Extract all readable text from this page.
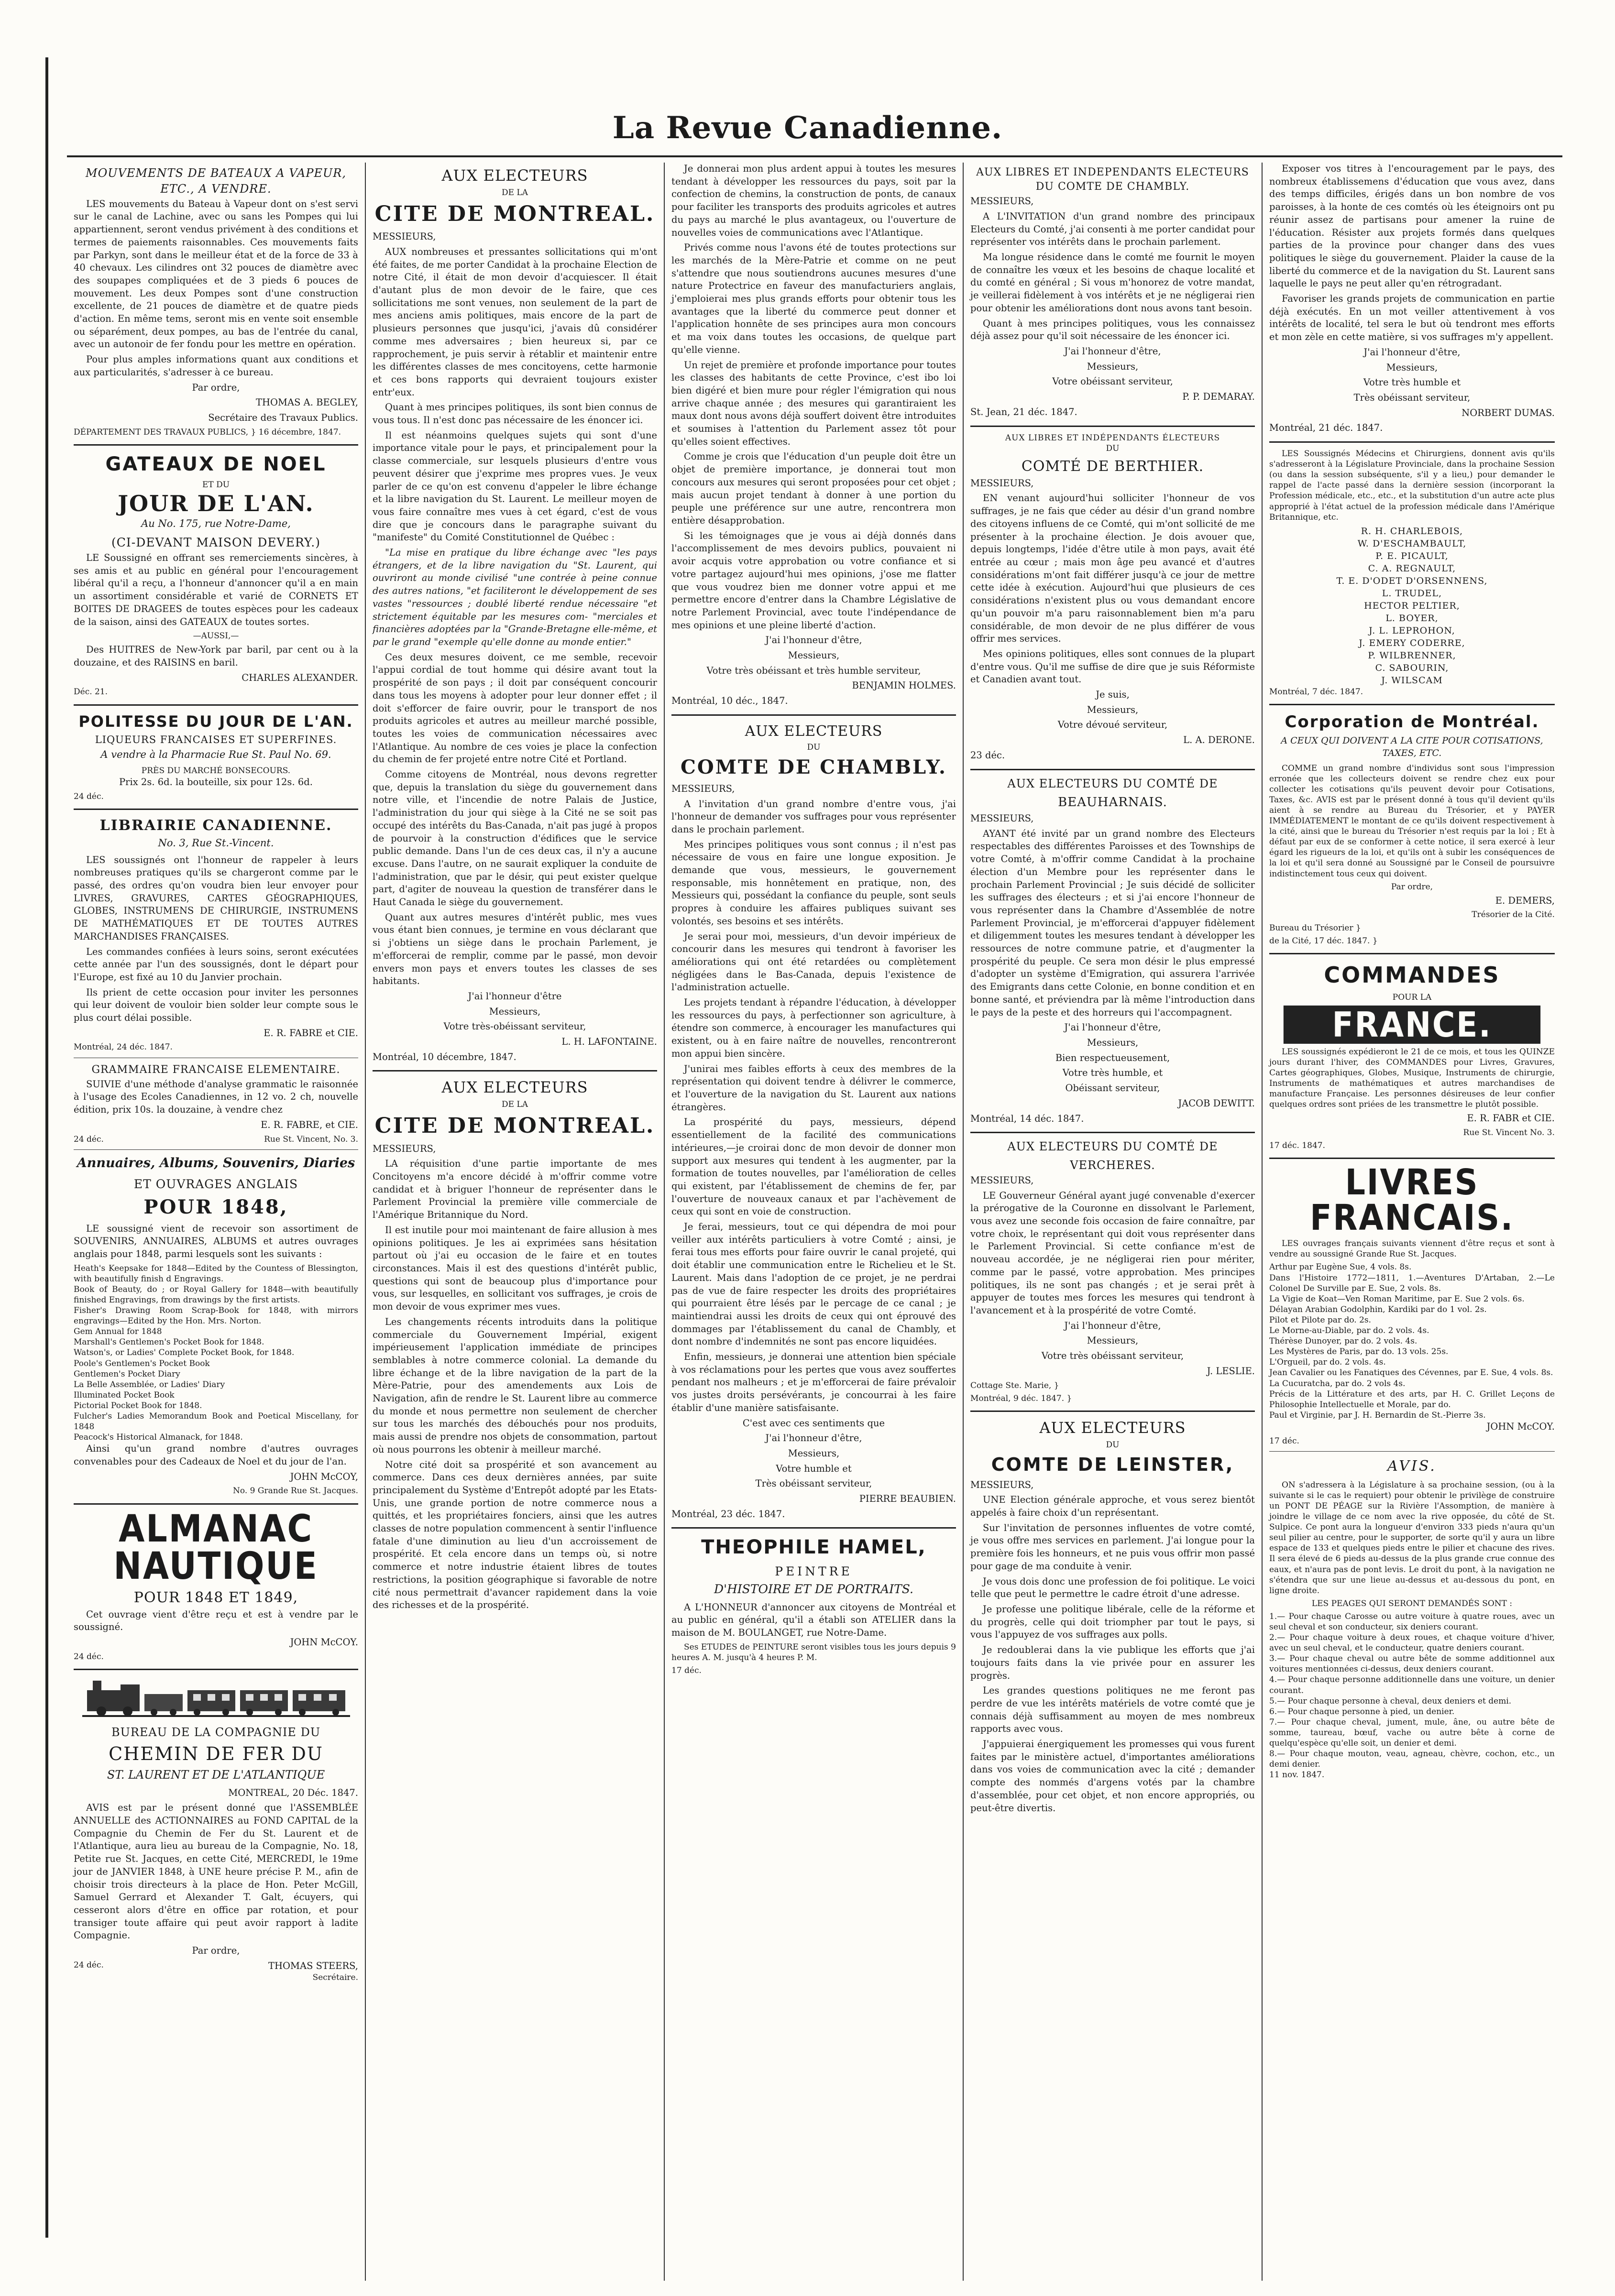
La Revue Canadienne.
MOUVEMENTS DE BATEAUX A VAPEUR, ETC., A VENDRE.

LES mouvements du Bateau à Vapeur dont on s'est servi sur le canal de Lachine, avec ou sans les Pompes qui lui appartiennent, seront vendus privément à des conditions et termes de paiements raisonnables. Ces mouvements faits par Parkyn, sont dans le meilleur état et de la force de 33 à 40 chevaux. Les cilindres ont 32 pouces de diamètre avec des soupapes compliquées et de 3 pieds 6 pouces de mouvement. Les deux Pompes sont d'une construction excellente, de 21 pouces de diamètre et de quatre pieds d'action. En même tems, seront mis en vente soit ensemble ou séparément, deux pompes, au bas de l'entrée du canal, avec un autonoir de fer fondu pour les mettre en opération.

Pour plus amples informations quant aux conditions et aux particularités, s'adresser à ce bureau.

Par ordre,

THOMAS A. BEGLEY,

Secrétaire des Travaux Publics.

DÉPARTEMENT DES TRAVAUX PUBLICS, } 16 décembre, 1847.

GATEAUX DE NOEL
ET DU
JOUR DE L'AN.
Au No. 175, rue Notre-Dame,
(CI-DEVANT MAISON DEVERY.)

LE Soussigné en offrant ses remerciements sincères, à ses amis et au public en général pour l'encouragement libéral qu'il a reçu, a l'honneur d'annoncer qu'il a en main un assortiment considérable et varié de CORNETS ET BOITES DE DRAGEES de toutes espèces pour les cadeaux de la saison, ainsi des GATEAUX de toutes sortes.

—AUSSI,—

Des HUITRES de New-York par baril, par cent ou à la douzaine, et des RAISINS en baril.

CHARLES ALEXANDER.

Déc. 21.

POLITESSE DU JOUR DE L'AN.
LIQUEURS FRANCAISES ET SUPERFINES.
A vendre à la Pharmacie Rue St. Paul No. 69.
PRÈS DU MARCHÉ BONSECOURS.

Prix 2s. 6d. la bouteille, six pour 12s. 6d.

24 déc.

LIBRAIRIE CANADIENNE.
No. 3, Rue St.-Vincent.

LES soussignés ont l'honneur de rappeler à leurs nombreuses pratiques qu'ils se chargeront comme par le passé, des ordres qu'on voudra bien leur envoyer pour LIVRES, GRAVURES, CARTES GÉOGRAPHIQUES, GLOBES, INSTRUMENS DE CHIRURGIE, INSTRUMENS DE MATHÉMATIQUES ET DE TOUTES AUTRES MARCHANDISES FRANÇAISES.

Les commandes confiées à leurs soins, seront exécutées cette année par l'un des soussignés, dont le départ pour l'Europe, est fixé au 10 du Janvier prochain.

Ils prient de cette occasion pour inviter les personnes qui leur doivent de vouloir bien solder leur compte sous le plus court délai possible.

E. R. FABRE et CIE.

Montréal, 24 déc. 1847.

GRAMMAIRE FRANCAISE ELEMENTAIRE.

SUIVIE d'une méthode d'analyse grammatic le raisonnée à l'usage des Ecoles Canadiennes, in 12 vo. 2 ch, nouvelle édition, prix 10s. la douzaine, à vendre chez

E. R. FABRE, et CIE.

24 déc.	Rue St. Vincent, No. 3.
Annuaires, Albums, Souvenirs, Diaries
ET OUVRAGES ANGLAIS
POUR 1848,

LE soussigné vient de recevoir son assortiment de SOUVENIRS, ANNUAIRES, ALBUMS et autres ouvrages anglais pour 1848, parmi lesquels sont les suivants :

Heath's Keepsake for 1848—Edited by the Countess of Blessington, with beautifully finish d Engravings.
Book of Beauty, do ; or Royal Gallery for 1848—with beautifully finished Engravings, from drawings by the first artists.
Fisher's Drawing Room Scrap-Book for 1848, with mirrors engravings—Edited by the Hon. Mrs. Norton.
Gem Annual for 1848
Marshall's Gentlemen's Pocket Book for 1848.
Watson's, or Ladies' Complete Pocket Book, for 1848.
Poole's Gentlemen's Pocket Book
Gentlemen's Pocket Diary
La Belle Assemblée, or Ladies' Diary
Illuminated Pocket Book
Pictorial Pocket Book for 1848.
Fulcher's Ladies Memorandum Book and Poetical Miscellany, for 1848
Peacock's Historical Almanack, for 1848.

Ainsi qu'un grand nombre d'autres ouvrages convenables pour des Cadeaux de Noel et du jour de l'an.

JOHN McCOY,

No. 9 Grande Rue St. Jacques.

ALMANAC NAUTIQUE
POUR 1848 ET 1849,

Cet ouvrage vient d'être reçu et est à vendre par le soussigné.

JOHN McCOY.

24 déc.

BUREAU DE LA COMPAGNIE DU
CHEMIN DE FER DU
ST. LAURENT ET DE L'ATLANTIQUE

MONTREAL, 20 Déc. 1847.

AVIS est par le présent donné que l'ASSEMBLÉE ANNUELLE des ACTIONNAIRES au FOND CAPITAL de la Compagnie du Chemin de Fer du St. Laurent et de l'Atlantique, aura lieu au bureau de la Compagnie, No. 18, Petite rue St. Jacques, en cette Cité, MERCREDI, le 19me jour de JANVIER 1848, à UNE heure précise P. M., afin de choisir trois directeurs à la place de Hon. Peter McGill, Samuel Gerrard et Alexander T. Galt, écuyers, qui cesseront alors d'être en office par rotation, et pour transiger toute affaire qui peut avoir rapport à ladite Compagnie.

Par ordre,

24 déc.	THOMAS STEERS,

Secrétaire.

AUX ELECTEURS
DE LA
CITE DE MONTREAL.

MESSIEURS,

AUX nombreuses et pressantes sollicitations qui m'ont été faites, de me porter Candidat à la prochaine Election de notre Cité, il était de mon devoir d'acquiescer. Il était d'autant plus de mon devoir de le faire, que ces sollicitations me sont venues, non seulement de la part de mes anciens amis politiques, mais encore de la part de plusieurs personnes que jusqu'ici, j'avais dû considérer comme mes adversaires ; bien heureux si, par ce rapprochement, je puis servir à rétablir et maintenir entre les différentes classes de mes concitoyens, cette harmonie et ces bons rapports qui devraient toujours exister entr'eux.

Quant à mes principes politiques, ils sont bien connus de vous tous. Il n'est donc pas nécessaire de les énoncer ici.

Il est néanmoins quelques sujets qui sont d'une importance vitale pour le pays, et principalement pour la classe commerciale, sur lesquels plusieurs d'entre vous peuvent désirer que j'exprime mes propres vues. Je veux parler de ce qu'on est convenu d'appeler le libre échange et la libre navigation du St. Laurent. Le meilleur moyen de vous faire connaître mes vues à cet égard, c'est de vous dire que je concours dans le paragraphe suivant du "manifeste" du Comité Constitutionnel de Québec :

"La mise en pratique du libre échange avec "les pays étrangers, et de la libre navigation du "St. Laurent, qui ouvriront au monde civilisé "une contrée à peine connue des autres nations, "et faciliteront le développement de ses vastes "ressources ; doublé liberté rendue nécessaire "et strictement équitable par les mesures com- "merciales et financières adoptées par la "Grande-Bretagne elle-même, et par le grand "exemple qu'elle donne au monde entier."

Ces deux mesures doivent, ce me semble, recevoir l'appui cordial de tout homme qui désire avant tout la prospérité de son pays ; il doit par conséquent concourir dans tous les moyens à adopter pour leur donner effet ; il doit s'efforcer de faire ouvrir, pour le transport de nos produits agricoles et autres au meilleur marché possible, toutes les voies de communication nécessaires avec l'Atlantique. Au nombre de ces voies je place la confection du chemin de fer projeté entre notre Cité et Portland.

Comme citoyens de Montréal, nous devons regretter que, depuis la translation du siège du gouvernement dans notre ville, et l'incendie de notre Palais de Justice, l'administration du jour qui siège à la Cité ne se soit pas occupé des intérêts du Bas-Canada, n'ait pas jugé à propos de pourvoir à la construction d'édifices que le service public demande. Dans l'un de ces deux cas, il n'y a aucune excuse. Dans l'autre, on ne saurait expliquer la conduite de l'administration, que par le désir, qui peut exister quelque part, d'agiter de nouveau la question de transférer dans le Haut Canada le siège du gouvernement.

Quant aux autres mesures d'intérêt public, mes vues vous étant bien connues, je termine en vous déclarant que si j'obtiens un siège dans le prochain Parlement, je m'efforcerai de remplir, comme par le passé, mon devoir envers mon pays et envers toutes les classes de ses habitants.

J'ai l'honneur d'être

Messieurs,

Votre très-obéissant serviteur,

L. H. LAFONTAINE.

Montréal, 10 décembre, 1847.

AUX ELECTEURS
DE LA
CITE DE MONTREAL.

MESSIEURS,

LA réquisition d'une partie importante de mes Concitoyens m'a encore décidé à m'offrir comme votre candidat et à briguer l'honneur de représenter dans le Parlement Provincial la première ville commerciale de l'Amérique Britannique du Nord.

Il est inutile pour moi maintenant de faire allusion à mes opinions politiques. Je les ai exprimées sans hésitation partout où j'ai eu occasion de le faire et en toutes circonstances. Mais il est des questions d'intérêt public, questions qui sont de beaucoup plus d'importance pour vous, sur lesquelles, en sollicitant vos suffrages, je crois de mon devoir de vous exprimer mes vues.

Les changements récents introduits dans la politique commerciale du Gouvernement Impérial, exigent impérieusement l'application immédiate de principes semblables à notre commerce colonial. La demande du libre échange et de la libre navigation de la part de la Mère-Patrie, pour des amendements aux Lois de Navigation, afin de rendre le St. Laurent libre au commerce du monde et nous permettre non seulement de chercher sur tous les marchés des débouchés pour nos produits, mais aussi de prendre nos objets de consommation, partout où nous pourrons les obtenir à meilleur marché.

Notre cité doit sa prospérité et son avancement au commerce. Dans ces deux dernières années, par suite principalement du Système d'Entrepôt adopté par les Etats-Unis, une grande portion de notre commerce nous a quittés, et les propriétaires fonciers, ainsi que les autres classes de notre population commencent à sentir l'influence fatale d'une diminution au lieu d'un accroissement de prospérité. Et cela encore dans un temps où, si notre commerce et notre industrie étaient libres de toutes restrictions, la position géographique si favorable de notre cité nous permettrait d'avancer rapidement dans la voie des richesses et de la prospérité.

Je donnerai mon plus ardent appui à toutes les mesures tendant à développer les ressources du pays, soit par la confection de chemins, la construction de ponts, de canaux pour faciliter les transports des produits agricoles et autres du pays au marché le plus avantageux, ou l'ouverture de nouvelles voies de communications avec l'Atlantique.

Privés comme nous l'avons été de toutes protections sur les marchés de la Mère-Patrie et comme on ne peut s'attendre que nous soutiendrons aucunes mesures d'une nature Protectrice en faveur des manufacturiers anglais, j'emploierai mes plus grands efforts pour obtenir tous les avantages que la liberté du commerce peut donner et l'application honnête de ses principes aura mon concours et ma voix dans toutes les occasions, de quelque part qu'elle vienne.

Un rejet de première et profonde importance pour toutes les classes des habitants de cette Province, c'est ibo loi bien digéré et bien mure pour régler l'émigration qui nous arrive chaque année ; des mesures qui garantiraient les maux dont nous avons déjà souffert doivent être introduites et soumises à l'attention du Parlement assez tôt pour qu'elles soient effectives.

Comme je crois que l'éducation d'un peuple doit être un objet de première importance, je donnerai tout mon concours aux mesures qui seront proposées pour cet objet ; mais aucun projet tendant à donner à une portion du peuple une préférence sur une autre, rencontrera mon entière désapprobation.

Si les témoignages que je vous ai déjà donnés dans l'accomplissement de mes devoirs publics, pouvaient ni avoir acquis votre approbation ou votre confiance et si votre partagez aujourd'hui mes opinions, j'ose me flatter que vous voudrez bien me donner votre appui et me permettre encore d'entrer dans la Chambre Législative de notre Parlement Provincial, avec toute l'indépendance de mes opinions et une pleine liberté d'action.

J'ai l'honneur d'être,

Messieurs,

Votre très obéissant et très humble serviteur,

BENJAMIN HOLMES.

Montréal, 10 déc., 1847.

AUX ELECTEURS
DU
COMTE DE CHAMBLY.

MESSIEURS,

A l'invitation d'un grand nombre d'entre vous, j'ai l'honneur de demander vos suffrages pour vous représenter dans le prochain parlement.

Mes principes politiques vous sont connus ; il n'est pas nécessaire de vous en faire une longue exposition. Je demande que vous, messieurs, le gouvernement responsable, mis honnêtement en pratique, non, des Messieurs qui, possédant la confiance du peuple, sont seuls propres à conduire les affaires publiques suivant ses volontés, ses besoins et ses intérêts.

Je serai pour moi, messieurs, d'un devoir impérieux de concourir dans les mesures qui tendront à favoriser les améliorations qui ont été retardées ou complètement négligées dans le Bas-Canada, depuis l'existence de l'administration actuelle.

Les projets tendant à répandre l'éducation, à développer les ressources du pays, à perfectionner son agriculture, à étendre son commerce, à encourager les manufactures qui existent, ou à en faire naître de nouvelles, rencontreront mon appui bien sincère.

J'unirai mes faibles efforts à ceux des membres de la représentation qui doivent tendre à délivrer le commerce, et l'ouverture de la navigation du St. Laurent aux nations étrangères.

La prospérité du pays, messieurs, dépend essentiellement de la facilité des communications intérieures,—je croirai donc de mon devoir de donner mon support aux mesures qui tendent à les augmenter, par la formation de toutes nouvelles, par l'amélioration de celles qui existent, par l'établissement de chemins de fer, par l'ouverture de nouveaux canaux et par l'achèvement de ceux qui sont en voie de construction.

Je ferai, messieurs, tout ce qui dépendra de moi pour veiller aux intérêts particuliers à votre Comté ; ainsi, je ferai tous mes efforts pour faire ouvrir le canal projeté, qui doit établir une communication entre le Richelieu et le St. Laurent. Mais dans l'adoption de ce projet, je ne perdrai pas de vue de faire respecter les droits des propriétaires qui pourraient être lésés par le percage de ce canal ; je maintiendrai aussi les droits de ceux qui ont éprouvé des dommages par l'établissement du canal de Chambly, et dont nombre d'indemnités ne sont pas encore liquidées.

Enfin, messieurs, je donnerai une attention bien spéciale à vos réclamations pour les pertes que vous avez souffertes pendant nos malheurs ; et je m'efforcerai de faire prévaloir vos justes droits persévérants, je concourrai à les faire établir d'une manière satisfaisante.

C'est avec ces sentiments que

J'ai l'honneur d'être,

Messieurs,

Votre humble et

Très obéissant serviteur,

PIERRE BEAUBIEN.

Montréal, 23 déc. 1847.

THEOPHILE HAMEL,
PEINTRE
D'HISTOIRE ET DE PORTRAITS.

A L'HONNEUR d'annoncer aux citoyens de Montréal et au public en général, qu'il a établi son ATELIER dans la maison de M. BOULANGET, rue Notre-Dame.

Ses ETUDES de PEINTURE seront visibles tous les jours depuis 9 heures A. M. jusqu'à 4 heures P. M.

17 déc.

AUX LIBRES ET INDEPENDANTS ELECTEURS DU COMTE DE CHAMBLY.

MESSIEURS,

A L'INVITATION d'un grand nombre des principaux Electeurs du Comté, j'ai consenti à me porter candidat pour représenter vos intérêts dans le prochain parlement.

Ma longue résidence dans le comté me fournit le moyen de connaître les vœux et les besoins de chaque localité et du comté en général ; Si vous m'honorez de votre mandat, je veillerai fidèlement à vos intérêts et je ne négligerai rien pour obtenir les améliorations dont nous avons tant besoin.

Quant à mes principes politiques, vous les connaissez déjà assez pour qu'il soit nécessaire de les énoncer ici.

J'ai l'honneur d'être,

Messieurs,

Votre obéissant serviteur,

P. P. DEMARAY.

St. Jean, 21 déc. 1847.

AUX LIBRES ET INDÉPENDANTS ÉLECTEURS
DU
COMTÉ DE BERTHIER.

MESSIEURS,

EN venant aujourd'hui solliciter l'honneur de vos suffrages, je ne fais que céder au désir d'un grand nombre des citoyens influens de ce Comté, qui m'ont sollicité de me présenter à la prochaine élection. Je dois avouer que, depuis longtemps, l'idée d'être utile à mon pays, avait été entrée au cœur ; mais mon âge peu avancé et d'autres considérations m'ont fait différer jusqu'à ce jour de mettre cette idée à exécution. Aujourd'hui que plusieurs de ces considérations n'existent plus ou vous demandant encore qu'un pouvoir m'a paru raisonnablement bien m'a paru considérable, de mon devoir de ne plus différer de vous offrir mes services.

Mes opinions politiques, elles sont connues de la plupart d'entre vous. Qu'il me suffise de dire que je suis Réformiste et Canadien avant tout.

Je suis,

Messieurs,

Votre dévoué serviteur,

L. A. DERONE.

23 déc.

AUX ELECTEURS DU COMTÉ DE
BEAUHARNAIS.

MESSIEURS,

AYANT été invité par un grand nombre des Electeurs respectables des différentes Paroisses et des Townships de votre Comté, à m'offrir comme Candidat à la prochaine élection d'un Membre pour les représenter dans le prochain Parlement Provincial ; Je suis décidé de solliciter les suffrages des électeurs ; et si j'ai encore l'honneur de vous représenter dans la Chambre d'Assemblée de notre Parlement Provincial, je m'efforcerai d'appuyer fidèlement et diligemment toutes les mesures tendant à développer les ressources de notre commune patrie, et d'augmenter la prospérité du peuple. Ce sera mon désir le plus empressé d'adopter un système d'Emigration, qui assurera l'arrivée des Emigrants dans cette Colonie, en bonne condition et en bonne santé, et préviendra par là même l'introduction dans le pays de la peste et des horreurs qui l'accompagnent.

J'ai l'honneur d'être,

Messieurs,

Bien respectueusement,

Votre très humble, et

Obéissant serviteur,

JACOB DEWITT.

Montréal, 14 déc. 1847.

AUX ELECTEURS DU COMTÉ DE
VERCHERES.

MESSIEURS,

LE Gouverneur Général ayant jugé convenable d'exercer la prérogative de la Couronne en dissolvant le Parlement, vous avez une seconde fois occasion de faire connaître, par votre choix, le représentant qui doit vous représenter dans le Parlement Provincial. Si cette confiance m'est de nouveau accordée, je ne négligerai rien pour mériter, comme par le passé, votre approbation. Mes principes politiques, ils ne sont pas changés ; et je serai prêt à appuyer de toutes mes forces les mesures qui tendront à l'avancement et à la prospérité de votre Comté.

J'ai l'honneur d'être,

Messieurs,

Votre très obéissant serviteur,

J. LESLIE.

Cottage Ste. Marie, }

Montréal, 9 déc. 1847. }

AUX ELECTEURS
DU
COMTE DE LEINSTER,

MESSIEURS,

UNE Election générale approche, et vous serez bientôt appelés à faire choix d'un représentant.

Sur l'invitation de personnes influentes de votre comté, je vous offre mes services en parlement. J'ai longue pour la première fois les honneurs, et ne puis vous offrir mon passé pour gage de ma conduite à venir.

Je vous dois donc une profession de foi politique. Le voici telle que peut le permettre le cadre étroit d'une adresse.

Je professe une politique libérale, celle de la réforme et du progrès, celle qui doit triompher par tout le pays, si vous l'appuyez de vos suffrages aux polls.

Je redoublerai dans la vie publique les efforts que j'ai toujours faits dans la vie privée pour en assurer les progrès.

Les grandes questions politiques ne me feront pas perdre de vue les intérêts matériels de votre comté que je connais déjà suffisamment au moyen de mes nombreux rapports avec vous.

J'appuierai énergiquement les promesses qui vous furent faites par le ministère actuel, d'importantes améliorations dans vos voies de communication avec la cité ; demander compte des nommés d'argens votés par la chambre d'assemblée, pour cet objet, et non encore appropriés, ou peut-être divertis.

Exposer vos titres à l'encouragement par le pays, des nombreux établissemens d'éducation que vous avez, dans des temps difficiles, érigés dans un bon nombre de vos paroisses, à la honte de ces comtés où les éteignoirs ont pu réunir assez de partisans pour amener la ruine de l'éducation. Résister aux projets formés dans quelques parties de la province pour changer dans des vues politiques le siège du gouvernement. Plaider la cause de la liberté du commerce et de la navigation du St. Laurent sans laquelle le pays ne peut aller qu'en rétrogradant.

Favoriser les grands projets de communication en partie déjà exécutés. En un mot veiller attentivement à vos intérêts de localité, tel sera le but où tendront mes efforts et mon zèle en cette matière, si vos suffrages m'y appellent.

J'ai l'honneur d'être,

Messieurs,

Votre très humble et

Très obéissant serviteur,

NORBERT DUMAS.

Montréal, 21 déc. 1847.

LES Soussignés Médecins et Chirurgiens, donnent avis qu'ils s'adresseront à la Législature Provinciale, dans la prochaine Session (ou dans la session subséquente, s'il y a lieu,) pour demander le rappel de l'acte passé dans la dernière session (incorporant la Profession médicale, etc., etc., et la substitution d'un autre acte plus approprié à l'état actuel de la profession médicale dans l'Amérique Britannique, etc.

R. H. CHARLEBOIS,
W. D'ESCHAMBAULT,
P. E. PICAULT,
C. A. REGNAULT,
T. E. D'ODET D'ORSENNENS,
L. TRUDEL,
HECTOR PELTIER,
L. BOYER,
J. L. LEPROHON,
J. EMERY CODERRE,
P. WILBRENNER,
C. SABOURIN,
J. WILSCAM

Montréal, 7 déc. 1847.

Corporation de Montréal.
A CEUX QUI DOIVENT A LA CITE POUR COTISATIONS, TAXES, ETC.

COMME un grand nombre d'individus sont sous l'impression erronée que les collecteurs doivent se rendre chez eux pour collecter les cotisations qu'ils peuvent devoir pour Cotisations, Taxes, &c. AVIS est par le présent donné à tous qu'il devient qu'ils aient à se rendre au Bureau du Trésorier, et y PAYER IMMÉDIATEMENT le montant de ce qu'ils doivent respectivement à la cité, ainsi que le bureau du Trésorier n'est requis par la loi ; Et à défaut par eux de se conformer à cette notice, il sera exercé à leur égard les rigueurs de la loi, et qu'ils ont à subir les conséquences de la loi et qu'il sera donné au Soussigné par le Conseil de poursuivre indistinctement tous ceux qui doivent.

Par ordre,

E. DEMERS,

Trésorier de la Cité.

Bureau du Trésorier }

de la Cité, 17 déc. 1847. }

COMMANDES
POUR LA
FRANCE.

LES soussignés expédieront le 21 de ce mois, et tous les QUINZE jours durant l'hiver, des COMMANDES pour Livres, Gravures, Cartes géographiques, Globes, Musique, Instruments de chirurgie, Instruments de mathématiques et autres marchandises de manufacture Française. Les personnes désireuses de leur confier quelques ordres sont priées de les transmettre le plutôt possible.

E. R. FABR et CIE.

Rue St. Vincent No. 3.

17 déc. 1847.

LIVRES FRANCAIS.

LES ouvrages français suivants viennent d'être reçus et sont à vendre au soussigné Grande Rue St. Jacques.

Arthur par Eugène Sue, 4 vols. 8s.
Dans l'Histoire 1772—1811, 1.—Aventures D'Artaban, 2.—Le Colonel De Surville par E. Sue, 2 vols. 8s.
La Vigie de Koat—Ven Roman Maritime, par E. Sue 2 vols. 6s.
Délayan Arabian Godolphin, Kardiki par do 1 vol. 2s.
Pilot et Pilote par do. 2s.
Le Morne-au-Diable, par do. 2 vols. 4s.
Thérèse Dunoyer, par do. 2 vols. 4s.
Les Mystères de Paris, par do. 13 vols. 25s.
L'Orgueil, par do. 2 vols. 4s.
Jean Cavalier ou les Fanatiques des Cévennes, par E. Sue, 4 vols. 8s.
La Cucuratcha, par do. 2 vols 4s.
Précis de la Littérature et des arts, par H. C. Grillet Leçons de Philosophie Intellectuelle et Morale, par do.
Paul et Virginie, par J. H. Bernardin de St.-Pierre 3s.

JOHN McCOY.

17 déc.

AVIS.

ON s'adressera à la Législature à sa prochaine session, (ou à la suivante si le cas le requiert) pour obtenir le privilège de construire un PONT DE PÉAGE sur la Rivière l'Assomption, de manière à joindre le village de ce nom avec la rive opposée, du côté de St. Sulpice. Ce pont aura la longueur d'environ 333 pieds n'aura qu'un seul pilier au centre, pour le supporter, de sorte qu'il y aura un libre espace de 133 et quelques pieds entre le pilier et chacune des rives. Il sera élevé de 6 pieds au-dessus de la plus grande crue connue des eaux, et n'aura pas de pont levis. Le droit du pont, à la navigation ne s'étendra que sur une lieue au-dessus et au-dessous du pont, en ligne droite.

LES PEAGES QUI SERONT DEMANDÉS SONT :

1.— Pour chaque Carosse ou autre voiture à quatre roues, avec un seul cheval et son conducteur, six deniers courant.
2.— Pour chaque voiture à deux roues, et chaque voiture d'hiver, avec un seul cheval, et le conducteur, quatre deniers courant.
3.— Pour chaque cheval ou autre bête de somme additionnel aux voitures mentionnées ci-dessus, deux deniers courant.
4.— Pour chaque personne additionnelle dans une voiture, un denier courant.
5.— Pour chaque personne à cheval, deux deniers et demi.
6.— Pour chaque personne à pied, un denier.
7.— Pour chaque cheval, jument, mule, âne, ou autre bête de somme, taureau, bœuf, vache ou autre bête à corne de quelqu'espèce qu'elle soit, un denier et demi.
8.— Pour chaque mouton, veau, agneau, chèvre, cochon, etc., un demi denier.

11 nov. 1847.
